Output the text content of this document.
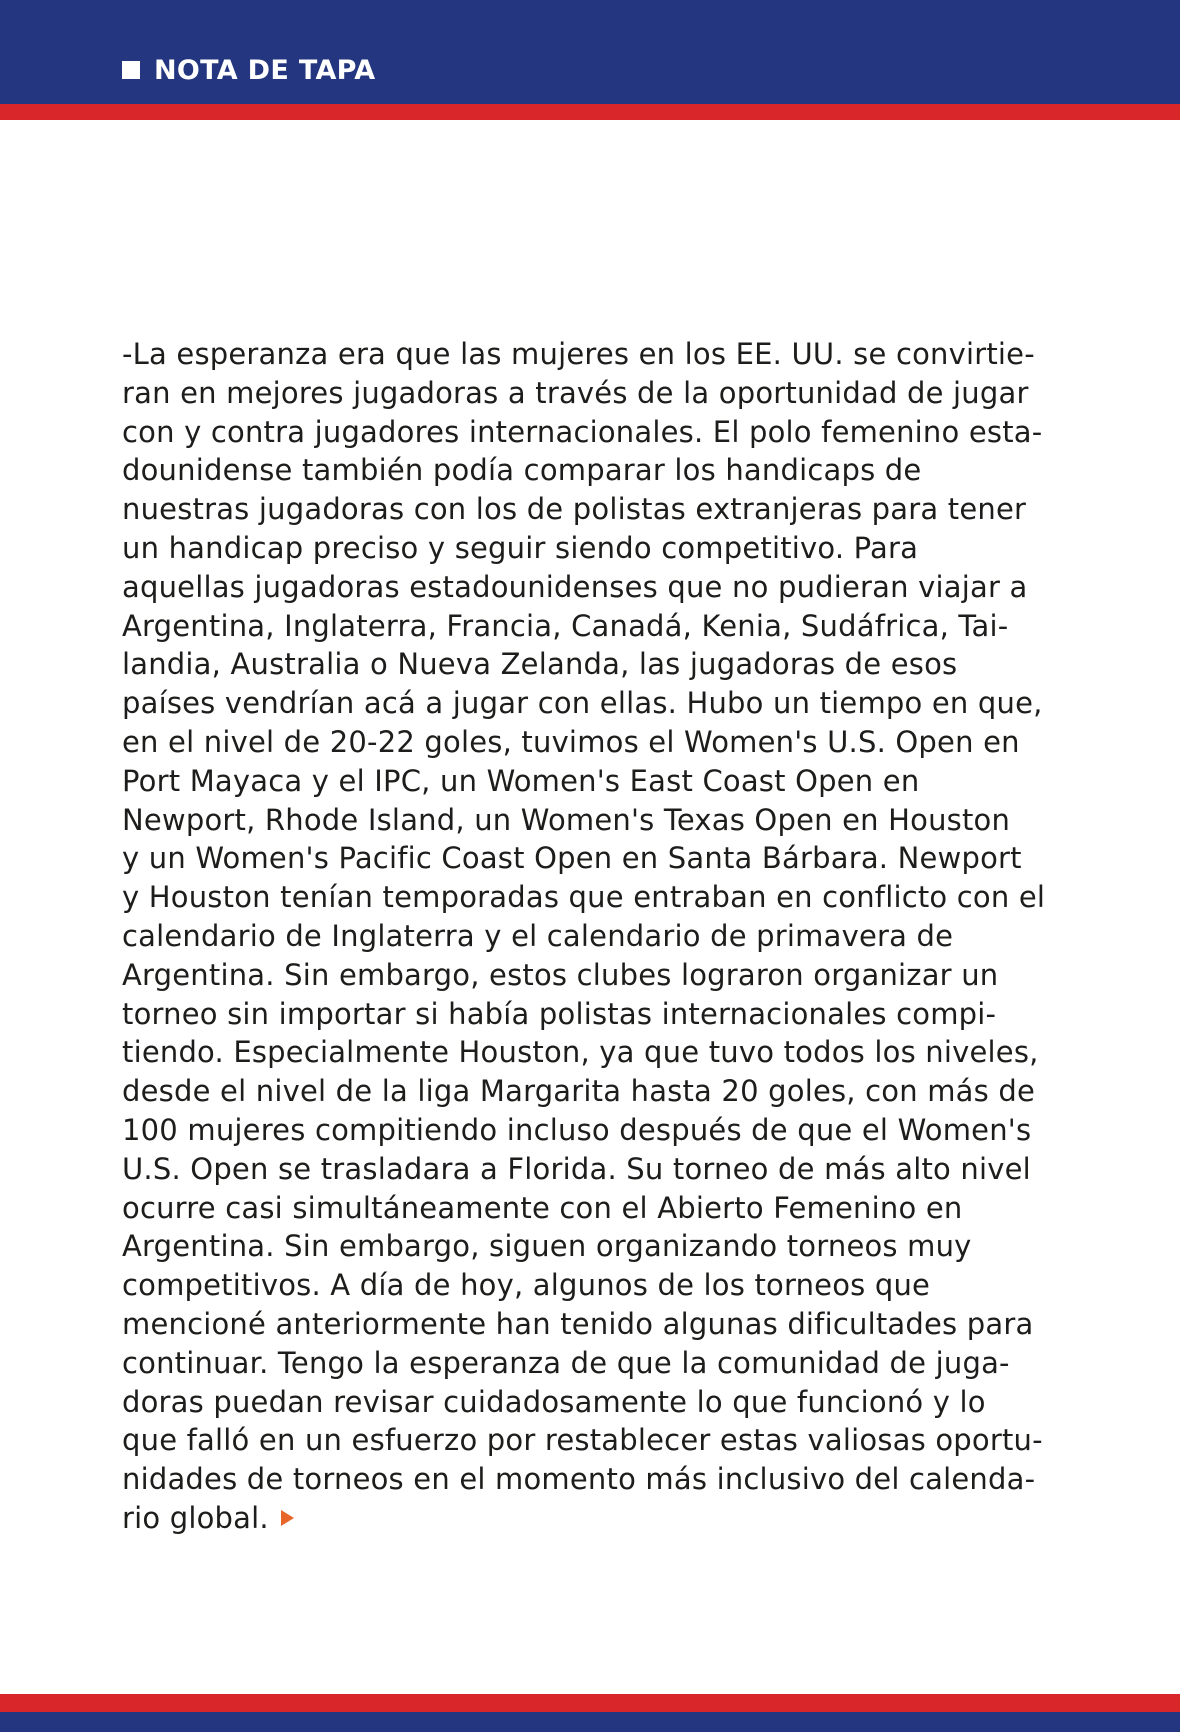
NOTA DE TAPA

-La esperanza era que las mujeres en los EE. UU. se convirtie-
ran en mejores jugadoras a través de la oportunidad de jugar
con y contra jugadores internacionales. El polo femenino esta-
dounidense también podía comparar los handicaps de
nuestras jugadoras con los de polistas extranjeras para tener
un handicap preciso y seguir siendo competitivo. Para
aquellas jugadoras estadounidenses que no pudieran viajar a
Argentina, Inglaterra, Francia, Canadá, Kenia, Sudáfrica, Tai-
landia, Australia o Nueva Zelanda, las jugadoras de esos
países vendrían acá a jugar con ellas. Hubo un tiempo en que,
en el nivel de 20-22 goles, tuvimos el Women's U.S. Open en
Port Mayaca y el IPC, un Women's East Coast Open en
Newport, Rhode Island, un Women's Texas Open en Houston
y un Women's Pacific Coast Open en Santa Bárbara. Newport
y Houston tenían temporadas que entraban en conflicto con el
calendario de Inglaterra y el calendario de primavera de
Argentina. Sin embargo, estos clubes lograron organizar un
torneo sin importar si había polistas internacionales compi-
tiendo. Especialmente Houston, ya que tuvo todos los niveles,
desde el nivel de la liga Margarita hasta 20 goles, con más de
100 mujeres compitiendo incluso después de que el Women's
U.S. Open se trasladara a Florida. Su torneo de más alto nivel
ocurre casi simultáneamente con el Abierto Femenino en
Argentina. Sin embargo, siguen organizando torneos muy
competitivos. A día de hoy, algunos de los torneos que
mencioné anteriormente han tenido algunas dificultades para
continuar. Tengo la esperanza de que la comunidad de juga-
doras puedan revisar cuidadosamente lo que funcionó y lo
que falló en un esfuerzo por restablecer estas valiosas oportu-
nidades de torneos en el momento más inclusivo del calenda-
rio global.
